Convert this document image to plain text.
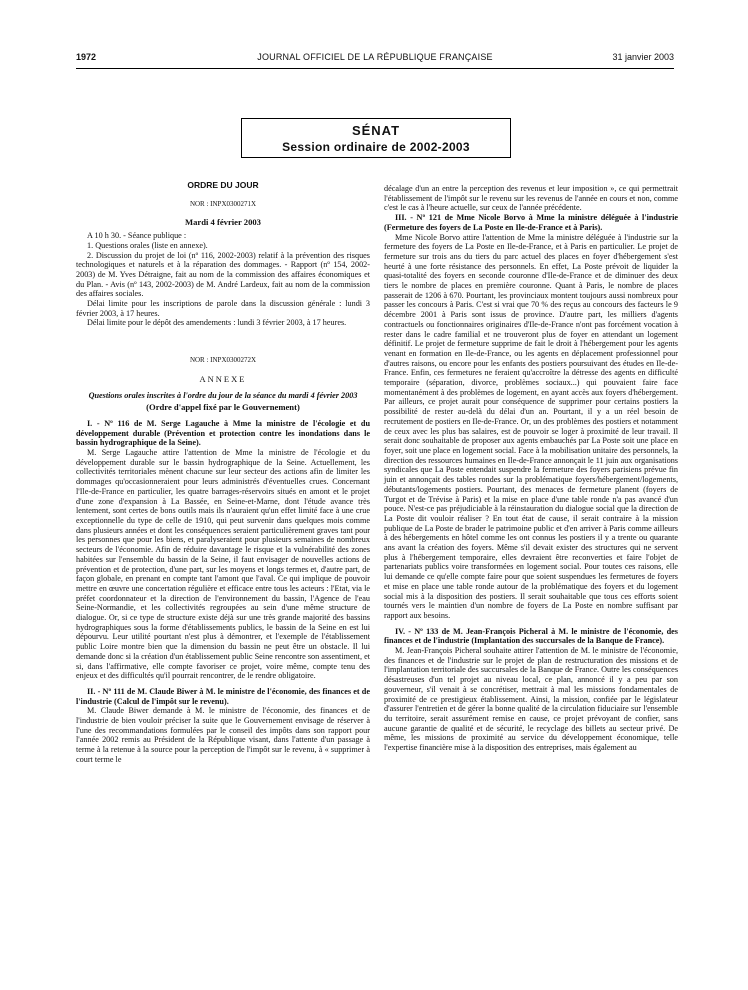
1972	JOURNAL OFFICIEL DE LA RÉPUBLIQUE FRANÇAISE	31 janvier 2003
SÉNAT
Session ordinaire de 2002-2003

ORDRE DU JOUR

NOR : INPX0300271X

Mardi 4 février 2003

A 10 h 30. - Séance publique :

1. Questions orales (liste en annexe).

2. Discussion du projet de loi (nº 116, 2002-2003) relatif à la prévention des risques technologiques et naturels et à la réparation des dommages. - Rapport (nº 154, 2002-2003) de M. Yves Détraigne, fait au nom de la commission des affaires économiques et du Plan. - Avis (nº 143, 2002-2003) de M. André Lardeux, fait au nom de la commission des affaires sociales.

Délai limite pour les inscriptions de parole dans la discussion générale : lundi 3 février 2003, à 17 heures.

Délai limite pour le dépôt des amendements : lundi 3 février 2003, à 17 heures.

NOR : INPX0300272X

ANNEXE

Questions orales inscrites à l'ordre du jour de la séance du mardi 4 février 2003

(Ordre d'appel fixé par le Gouvernement)

I. - Nº 116 de M. Serge Lagauche à Mme la ministre de l'écologie et du développement durable (Prévention et protection contre les inondations dans le bassin hydrographique de la Seine).

M. Serge Lagauche attire l'attention de Mme la ministre de l'écologie et du développement durable sur le bassin hydrographique de la Seine. Actuellement, les collectivités territoriales mènent chacune sur leur secteur des actions afin de limiter les dommages qu'occasionneraient pour leurs administrés d'éventuelles crues. Concernant l'Ile-de-France en particulier, les quatre barrages-réservoirs situés en amont et le projet d'une zone d'expansion à La Bassée, en Seine-et-Marne, dont l'étude avance très lentement, sont certes de bons outils mais ils n'auraient qu'un effet limité face à une crue exceptionnelle du type de celle de 1910, qui peut survenir dans quelques mois comme dans plusieurs années et dont les conséquences seraient particulièrement graves tant pour les personnes que pour les biens, et paralyseraient pour plusieurs semaines de nombreux secteurs de l'économie. Afin de réduire davantage le risque et la vulnérabilité des zones habitées sur l'ensemble du bassin de la Seine, il faut envisager de nouvelles actions de prévention et de protection, d'une part, sur les moyens et longs termes et, d'autre part, de façon globale, en prenant en compte tant l'amont que l'aval. Ce qui implique de pouvoir mettre en œuvre une concertation régulière et efficace entre tous les acteurs : l'Etat, via le préfet coordonnateur et la direction de l'environnement du bassin, l'Agence de l'eau Seine-Normandie, et les collectivités regroupées au sein d'une même structure de dialogue. Or, si ce type de structure existe déjà sur une très grande majorité des bassins hydrographiques sous la forme d'établissements publics, le bassin de la Seine en est lui dépourvu. Leur utilité pourtant n'est plus à démontrer, et l'exemple de l'établissement public Loire montre bien que la dimension du bassin ne peut être un obstacle. Il lui demande donc si la création d'un établissement public Seine rencontre son assentiment, et si, dans l'affirmative, elle compte favoriser ce projet, voire même, compte tenu des enjeux et des difficultés qu'il pourrait rencontrer, de le rendre obligatoire.

II. - Nº 111 de M. Claude Biwer à M. le ministre de l'économie, des finances et de l'industrie (Calcul de l'impôt sur le revenu).

M. Claude Biwer demande à M. le ministre de l'économie, des finances et de l'industrie de bien vouloir préciser la suite que le Gouvernement envisage de réserver à l'une des recommandations formulées par le conseil des impôts dans son rapport pour l'année 2002 remis au Président de la République visant, dans l'attente d'un passage à terme à la retenue à la source pour la perception de l'impôt sur le revenu, à « supprimer à court terme le

décalage d'un an entre la perception des revenus et leur imposition », ce qui permettrait l'établissement de l'impôt sur le revenu sur les revenus de l'année en cours et non, comme c'est le cas à l'heure actuelle, sur ceux de l'année précédente.

III. - Nº 121 de Mme Nicole Borvo à Mme la ministre déléguée à l'industrie (Fermeture des foyers de La Poste en Ile-de-France et à Paris).

Mme Nicole Borvo attire l'attention de Mme la ministre déléguée à l'industrie sur la fermeture des foyers de La Poste en Ile-de-France, et à Paris en particulier. Le projet de fermeture sur trois ans du tiers du parc actuel des places en foyer d'hébergement s'est heurté à une forte résistance des personnels. En effet, La Poste prévoit de liquider la quasi-totalité des foyers en seconde couronne d'Ile-de-France et de diminuer des deux tiers le nombre de places en première couronne. Quant à Paris, le nombre de places passerait de 1206 à 670. Pourtant, les provinciaux montent toujours aussi nombreux pour passer les concours à Paris. C'est si vrai que 70 % des reçus au concours des facteurs le 9 décembre 2001 à Paris sont issus de province. D'autre part, les milliers d'agents contractuels ou fonctionnaires originaires d'Ile-de-France n'ont pas forcément vocation à rester dans le cadre familial et ne trouveront plus de foyer en attendant un logement définitif. Le projet de fermeture supprime de fait le droit à l'hébergement pour les agents venant en formation en Ile-de-France, ou les agents en déplacement professionnel pour d'autres raisons, ou encore pour les enfants des postiers poursuivant des études en Ile-de-France. Enfin, ces fermetures ne feraient qu'accroître la détresse des agents en difficulté temporaire (séparation, divorce, problèmes sociaux...) qui pouvaient faire face momentanément à des problèmes de logement, en ayant accès aux foyers d'hébergement. Par ailleurs, ce projet aurait pour conséquence de supprimer pour certains postiers la possibilité de rester au-delà du délai d'un an. Pourtant, il y a un réel besoin de recrutement de postiers en Ile-de-France. Or, un des problèmes des postiers et notamment de ceux avec les plus bas salaires, est de pouvoir se loger à proximité de leur travail. Il serait donc souhaitable de proposer aux agents embauchés par La Poste soit une place en foyer, soit une place en logement social. Face à la mobilisation unitaire des personnels, la direction des ressources humaines en Ile-de-France annonçait le 11 juin aux organisations syndicales que La Poste entendait suspendre la fermeture des foyers parisiens prévue fin juin et annonçait des tables rondes sur la problématique foyers/hébergement/logements, débutants/logements postiers. Pourtant, des menaces de fermeture planent (foyers de Turgot et de Trévise à Paris) et la mise en place d'une table ronde n'a pas avancé d'un pouce. N'est-ce pas préjudiciable à la réinstauration du dialogue social que la direction de La Poste dit vouloir réaliser ? En tout état de cause, il serait contraire à la mission publique de La Poste de brader le patrimoine public et d'en arriver à Paris comme ailleurs à des hébergements en hôtel comme les ont connus les postiers il y a trente ou quarante ans avant la création des foyers. Même s'il devait exister des structures qui ne servent plus à l'hébergement temporaire, elles devraient être reconverties et faire l'objet de partenariats publics voire transformées en logement social. Pour toutes ces raisons, elle lui demande ce qu'elle compte faire pour que soient suspendues les fermetures de foyers et mise en place une table ronde autour de la problématique des foyers et du logement social mis à la disposition des postiers. Il serait souhaitable que tous ces efforts soient tournés vers le maintien d'un nombre de foyers de La Poste en nombre suffisant par rapport aux besoins.

IV. - Nº 133 de M. Jean-François Picheral à M. le ministre de l'économie, des finances et de l'industrie (Implantation des succursales de la Banque de France).

M. Jean-François Picheral souhaite attirer l'attention de M. le ministre de l'économie, des finances et de l'industrie sur le projet de plan de restructuration des missions et de l'implantation territoriale des succursales de la Banque de France. Outre les conséquences désastreuses d'un tel projet au niveau local, ce plan, annoncé il y a peu par son gouverneur, s'il venait à se concrétiser, mettrait à mal les missions fondamentales de proximité de ce prestigieux établissement. Ainsi, la mission, confiée par le législateur d'assurer l'entretien et de gérer la bonne qualité de la circulation fiduciaire sur l'ensemble du territoire, serait assurément remise en cause, ce projet prévoyant de confier, sans aucune garantie de qualité et de sécurité, le recyclage des billets au secteur privé. De même, les missions de proximité au service du développement économique, telle l'expertise financière mise à la disposition des entreprises, mais également au
